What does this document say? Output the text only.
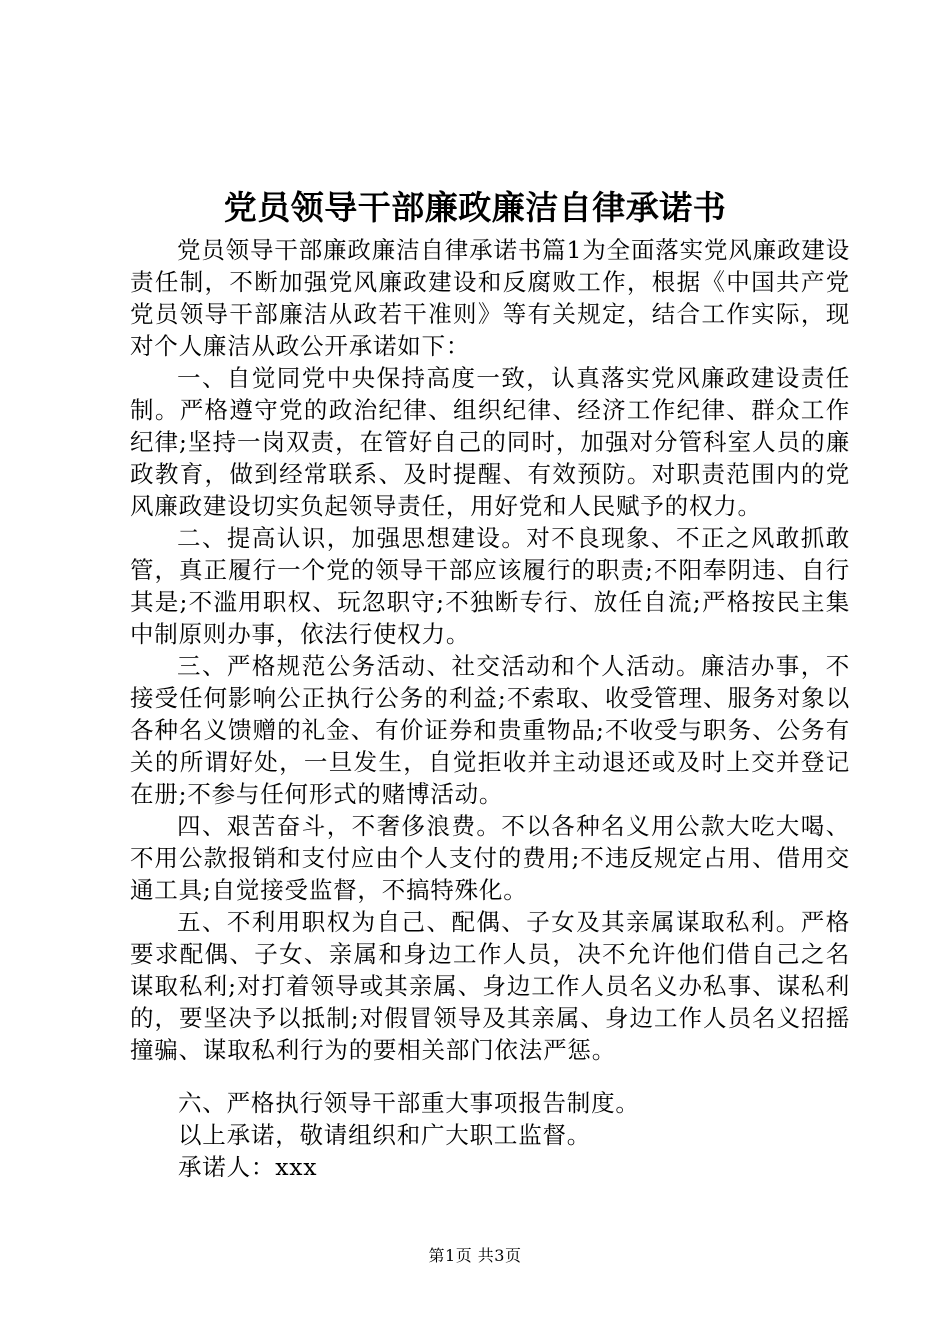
党员领导干部廉政廉洁自律承诺书

党员领导干部廉政廉洁自律承诺书篇1为全面落实党风廉政建设责任制，不断加强党风廉政建设和反腐败工作，根据《中国共产党党员领导干部廉洁从政若干准则》等有关规定，结合工作实际，现对个人廉洁从政公开承诺如下：

一、自觉同党中央保持高度一致，认真落实党风廉政建设责任制。严格遵守党的政治纪律、组织纪律、经济工作纪律、群众工作纪律;坚持一岗双责，在管好自己的同时，加强对分管科室人员的廉政教育，做到经常联系、及时提醒、有效预防。对职责范围内的党风廉政建设切实负起领导责任，用好党和人民赋予的权力。

二、提高认识，加强思想建设。对不良现象、不正之风敢抓敢管，真正履行一个党的领导干部应该履行的职责;不阳奉阴违、自行其是;不滥用职权、玩忽职守;不独断专行、放任自流;严格按民主集中制原则办事，依法行使权力。

三、严格规范公务活动、社交活动和个人活动。廉洁办事，不接受任何影响公正执行公务的利益;不索取、收受管理、服务对象以各种名义馈赠的礼金、有价证券和贵重物品;不收受与职务、公务有关的所谓好处，一旦发生，自觉拒收并主动退还或及时上交并登记在册;不参与任何形式的赌博活动。

四、艰苦奋斗，不奢侈浪费。不以各种名义用公款大吃大喝、不用公款报销和支付应由个人支付的费用;不违反规定占用、借用交通工具;自觉接受监督，不搞特殊化。

五、不利用职权为自己、配偶、子女及其亲属谋取私利。严格要求配偶、子女、亲属和身边工作人员，决不允许他们借自己之名谋取私利;对打着领导或其亲属、身边工作人员名义办私事、谋私利的，要坚决予以抵制;对假冒领导及其亲属、身边工作人员名义招摇撞骗、谋取私利行为的要相关部门依法严惩。

六、严格执行领导干部重大事项报告制度。

以上承诺，敬请组织和广大职工监督。

承诺人：xxx

第1页 共3页
